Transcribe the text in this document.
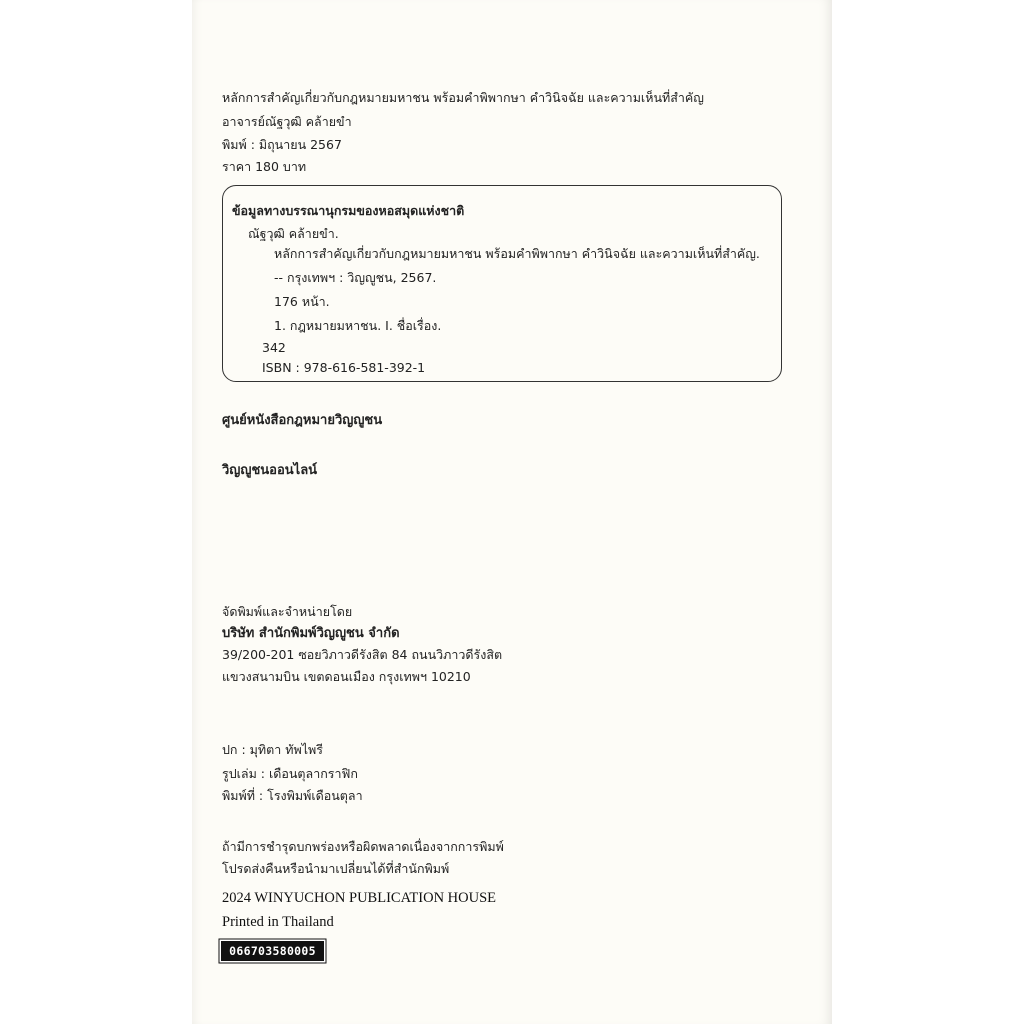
หลักการสำคัญเกี่ยวกับกฎหมายมหาชน พร้อมคำพิพากษา คำวินิจฉัย และความเห็นที่สำคัญ
อาจารย์ณัฐวุฒิ คล้ายขำ
พิมพ์ : มิถุนายน 2567
ราคา 180 บาท
ข้อมูลทางบรรณานุกรมของหอสมุดแห่งชาติ
ณัฐวุฒิ คล้ายขำ.
หลักการสำคัญเกี่ยวกับกฎหมายมหาชน พร้อมคำพิพากษา คำวินิจฉัย และความเห็นที่สำคัญ.
-- กรุงเทพฯ : วิญญูชน, 2567.
176 หน้า.
1. กฎหมายมหาชน. I. ชื่อเรื่อง.
342
ISBN : 978-616-581-392-1
ศูนย์หนังสือกฎหมายวิญญูชน
วิญญูชนออนไลน์
จัดพิมพ์และจำหน่ายโดย
บริษัท สำนักพิมพ์วิญญูชน จำกัด
39/200-201 ซอยวิภาวดีรังสิต 84 ถนนวิภาวดีรังสิต
แขวงสนามบิน เขตดอนเมือง กรุงเทพฯ 10210
ปก : มุทิตา ทัพไพรี
รูปเล่ม : เดือนตุลากราฟิก
พิมพ์ที่ : โรงพิมพ์เดือนตุลา
ถ้ามีการชำรุดบกพร่องหรือผิดพลาดเนื่องจากการพิมพ์
โปรดส่งคืนหรือนำมาเปลี่ยนได้ที่สำนักพิมพ์
2024 WINYUCHON PUBLICATION HOUSE
Printed in Thailand
066703580005
